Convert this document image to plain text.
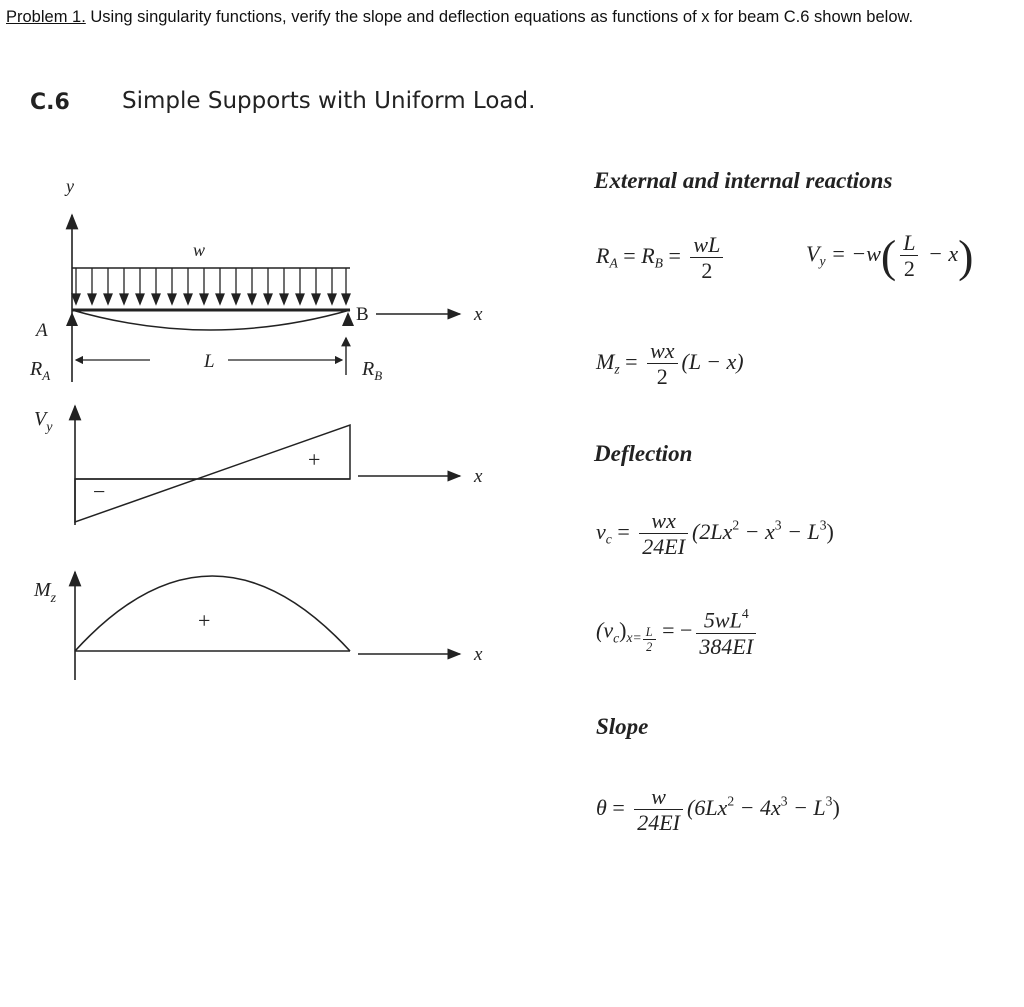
Problem 1. Using singularity functions, verify the slope and deflection equations as functions of x for beam C.6 shown below.
C.6 Simple Supports with Uniform Load.
y
w
B	x
A
$R_A$	$R_B$
L
$V_y$
x
+
−
$M_z$
x
+
External and internal reactions
$R_A = R_B = \frac{wL}{2}$	$V_y = -w( \frac{L}{2} - x)$
$M_z = \frac{wx}{2} (L - x)$
Deflection
$v_c = \frac{wx}{24EI} (2Lx^2 - x^3 - L^3)$
$(v_c)_{x= \frac{L}{2}}$ = − $\frac{5wL^4}{384EI}$
Slope
$\theta = \frac{w}{24EI} (6Lx^2 - 4x^3 - L^3)$
